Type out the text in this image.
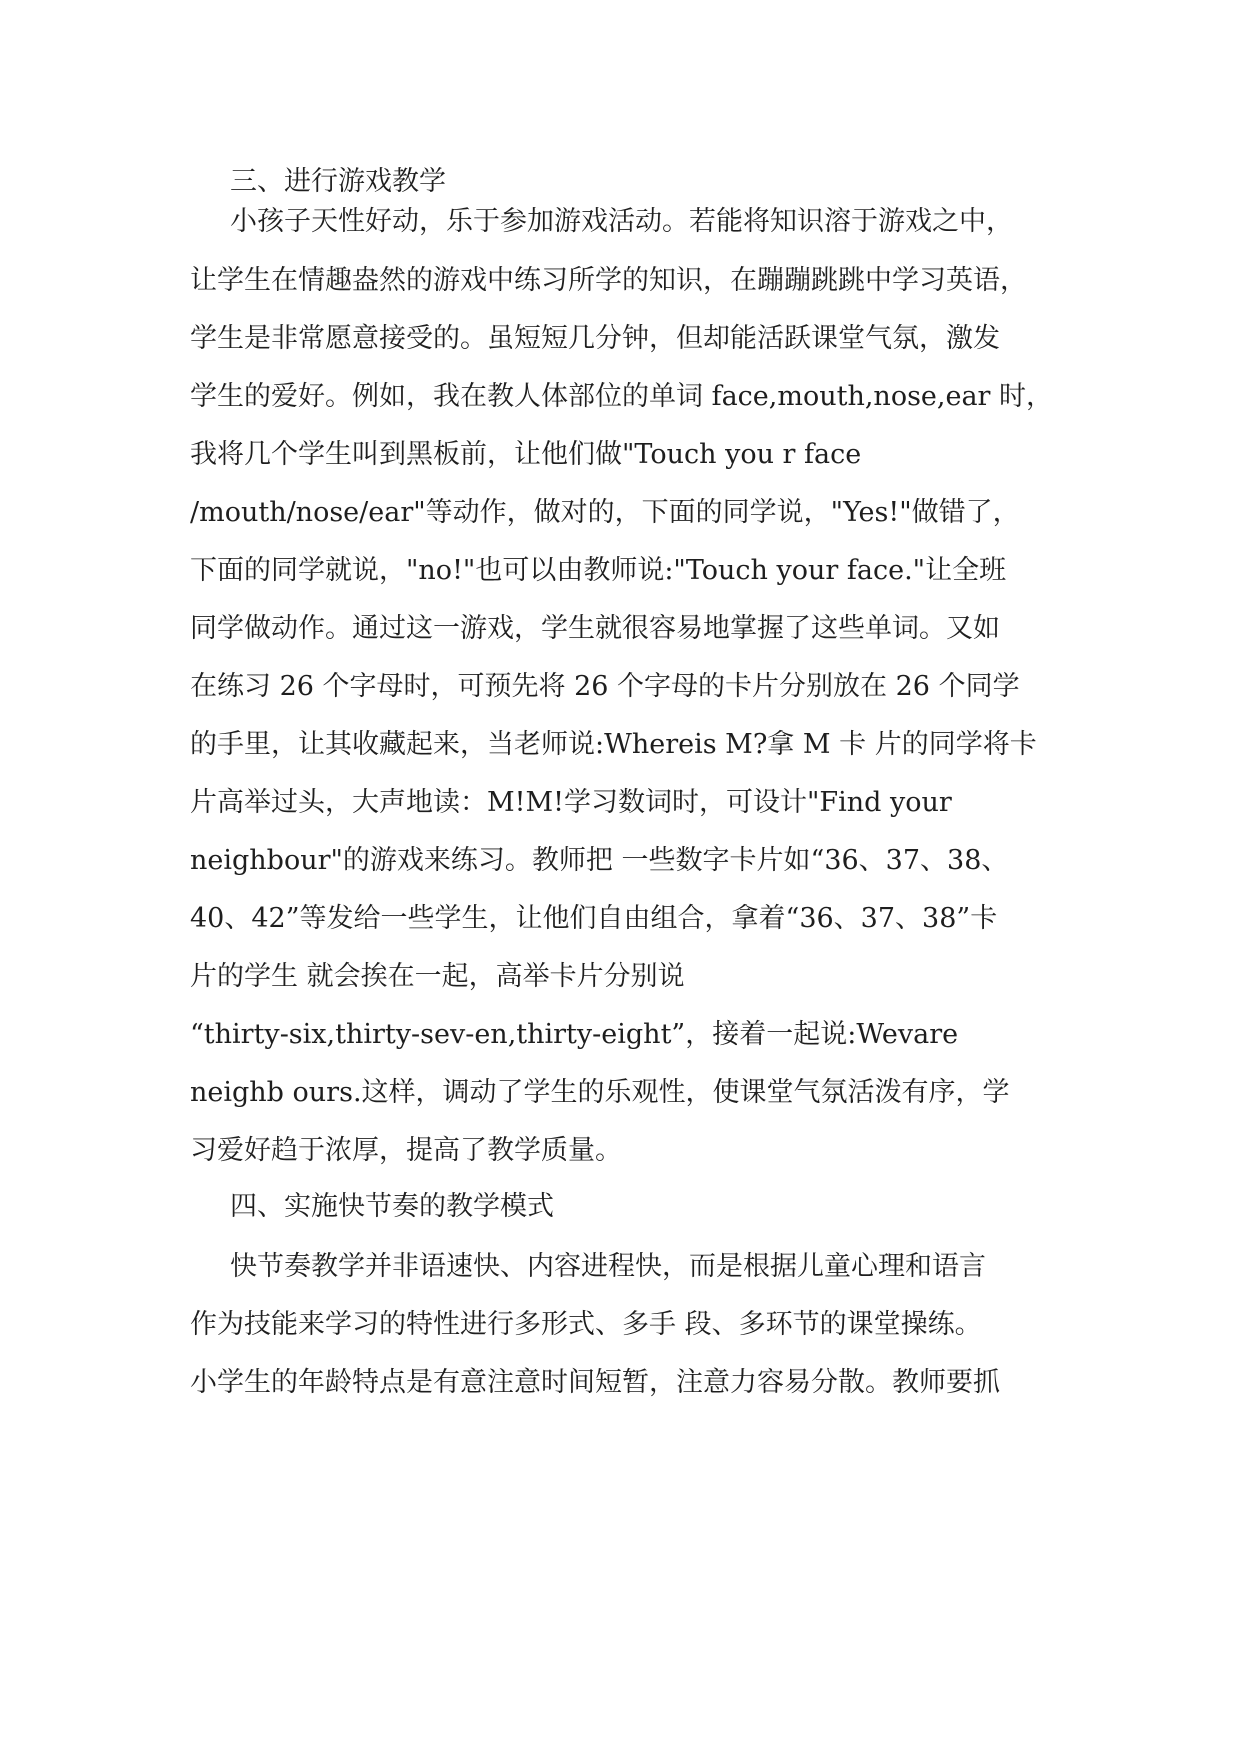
三、进行游戏教学

小孩子天性好动，乐于参加游戏活动。若能将知识溶于游戏之中，

让学生在情趣盎然的游戏中练习所学的知识，在蹦蹦跳跳中学习英语，

学生是非常愿意接受的。虽短短几分钟，但却能活跃课堂气氛，激发

学生的爱好。例如，我在教人体部位的单词 face,mouth,nose,ear 时，

我将几个学生叫到黑板前，让他们做"Touch you r face

/mouth/nose/ear"等动作，做对的，下面的同学说，"Yes!"做错了，

下面的同学就说，"no!"也可以由教师说:"Touch your face."让全班

同学做动作。通过这一游戏，学生就很容易地掌握了这些单词。又如

在练习 26 个字母时，可预先将 26 个字母的卡片分别放在 26 个同学

的手里，让其收藏起来，当老师说:Whereis M?拿 M 卡 片的同学将卡

片高举过头，大声地读：M!M!学习数词时，可设计"Find your

neighbour"的游戏来练习。教师把 一些数字卡片如“36、37、38、

40、42”等发给一些学生，让他们自由组合，拿着“36、37、38”卡

片的学生 就会挨在一起，高举卡片分别说

“thirty-six,thirty-sev-en,thirty-eight”，接着一起说:Wevare

neighb ours.这样，调动了学生的乐观性，使课堂气氛活泼有序，学

习爱好趋于浓厚，提高了教学质量。

四、实施快节奏的教学模式

快节奏教学并非语速快、内容进程快，而是根据儿童心理和语言

作为技能来学习的特性进行多形式、多手 段、多环节的课堂操练。

小学生的年龄特点是有意注意时间短暂，注意力容易分散。教师要抓
